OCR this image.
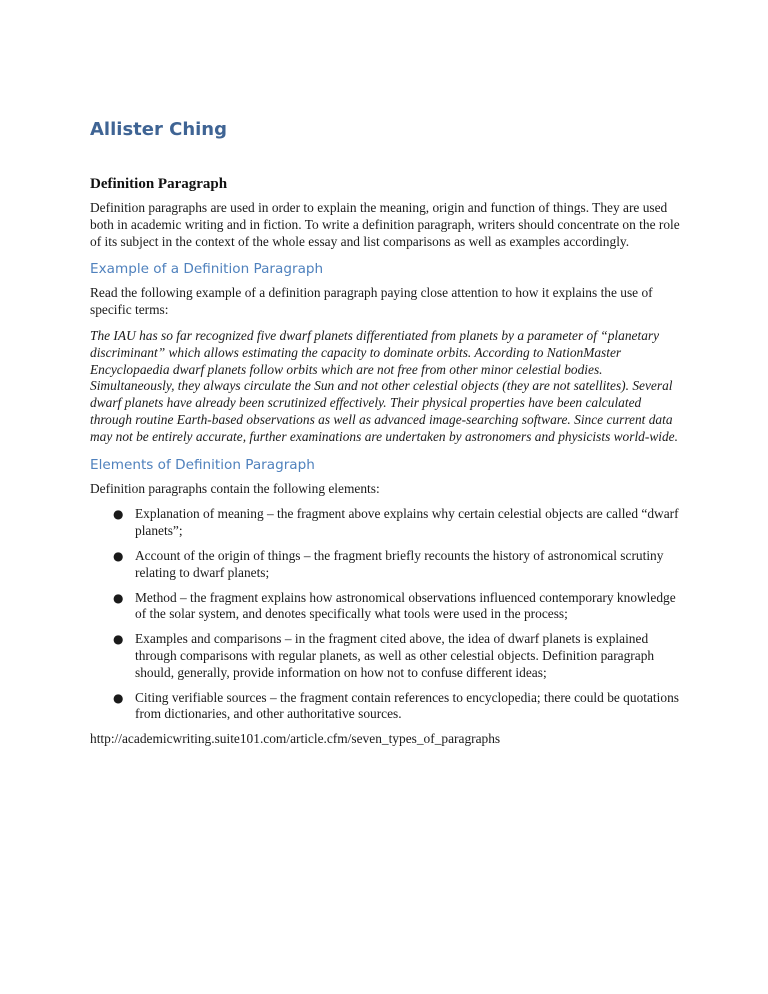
Allister Ching
Definition Paragraph

Definition paragraphs are used in order to explain the meaning, origin and function of things. They are used both in academic writing and in fiction. To write a definition paragraph, writers should concentrate on the role of its subject in the context of the whole essay and list comparisons as well as examples accordingly.

Example of a Definition Paragraph

Read the following example of a definition paragraph paying close attention to how it explains the use of specific terms:

The IAU has so far recognized five dwarf planets differentiated from planets by a parameter of “planetary discriminant” which allows estimating the capacity to dominate orbits. According to NationMaster Encyclopaedia dwarf planets follow orbits which are not free from other minor celestial bodies. Simultaneously, they always circulate the Sun and not other celestial objects (they are not satellites). Several dwarf planets have already been scrutinized effectively. Their physical properties have been calculated through routine Earth-based observations as well as advanced image-searching software. Since current data may not be entirely accurate, further examinations are undertaken by astronomers and physicists world-wide.

Elements of Definition Paragraph

Definition paragraphs contain the following elements:

● Explanation of meaning – the fragment above explains why certain celestial objects are called “dwarf planets”;
● Account of the origin of things – the fragment briefly recounts the history of astronomical scrutiny relating to dwarf planets;
● Method – the fragment explains how astronomical observations influenced contemporary knowledge of the solar system, and denotes specifically what tools were used in the process;
● Examples and comparisons – in the fragment cited above, the idea of dwarf planets is explained through comparisons with regular planets, as well as other celestial objects. Definition paragraph should, generally, provide information on how not to confuse different ideas;
● Citing verifiable sources – the fragment contain references to encyclopedia; there could be quotations from dictionaries, and other authoritative sources.

http://academicwriting.suite101.com/article.cfm/seven_types_of_paragraphs
